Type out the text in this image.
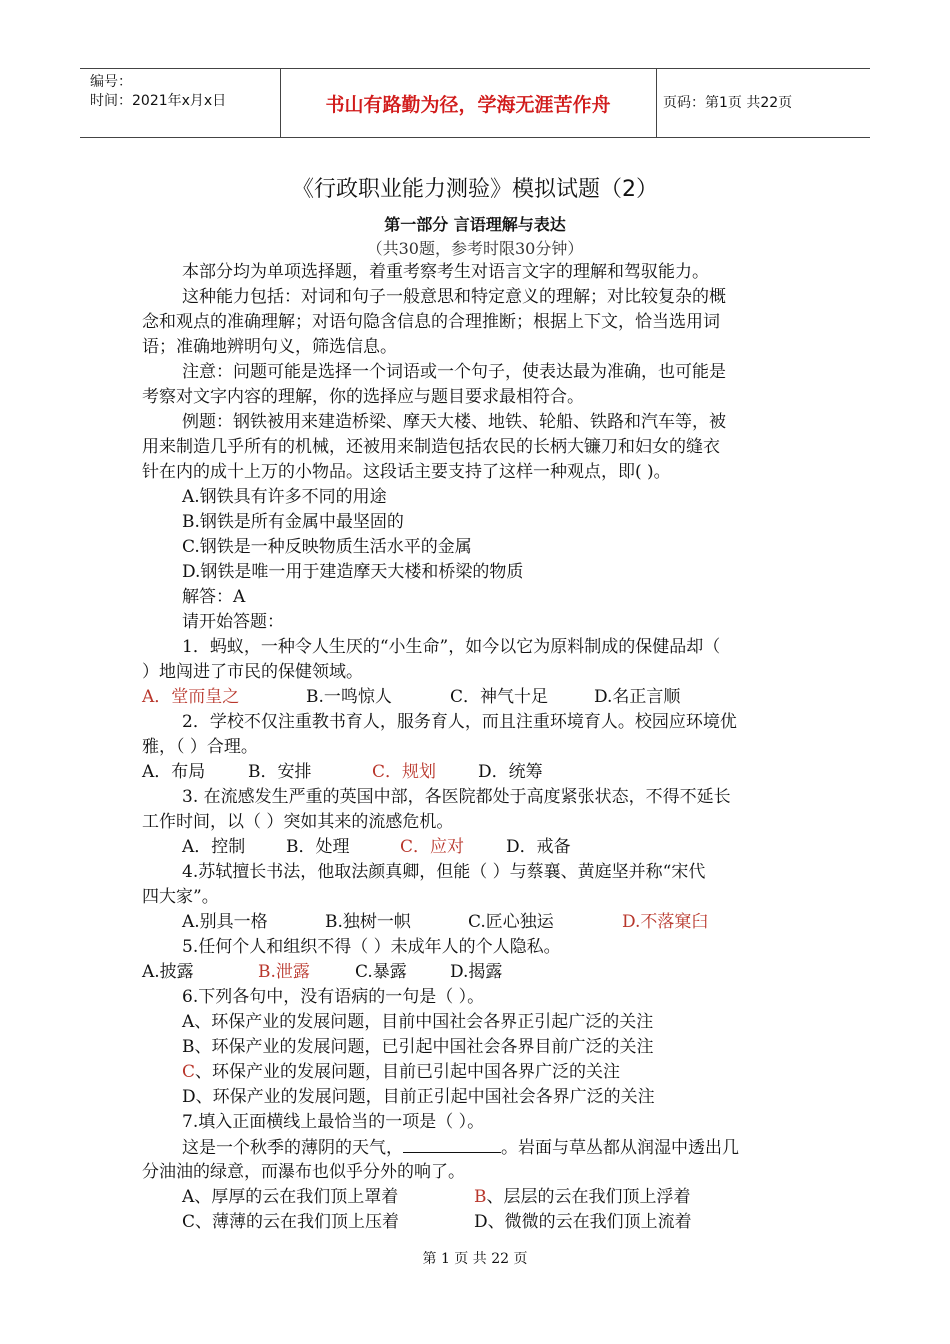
编号：
时间：2021年x月x日	书山有路勤为径，学海无涯苦作舟	页码：第1页 共22页
《行政职业能力测验》模拟试题（2）
第一部分 言语理解与表达
（共30题，参考时限30分钟）
本部分均为单项选择题，着重考察考生对语言文字的理解和驾驭能力。
这种能力包括：对词和句子一般意思和特定意义的理解；对比较复杂的概
念和观点的准确理解；对语句隐含信息的合理推断；根据上下文，恰当选用词
语；准确地辨明句义，筛选信息。
注意：问题可能是选择一个词语或一个句子，使表达最为准确，也可能是
考察对文字内容的理解，你的选择应与题目要求最相符合。
例题：钢铁被用来建造桥梁、摩天大楼、地铁、轮船、铁路和汽车等，被
用来制造几乎所有的机械，还被用来制造包括农民的长柄大镰刀和妇女的缝衣
针在内的成十上万的小物品。这段话主要支持了这样一种观点，即( )。
A.钢铁具有许多不同的用途
B.钢铁是所有金属中最坚固的
C.钢铁是一种反映物质生活水平的金属
D.钢铁是唯一用于建造摩天大楼和桥梁的物质
解答：A
请开始答题：
1．蚂蚁，一种令人生厌的“小生命”，如今以它为原料制成的保健品却（
）地闯进了市民的保健领域。
A．堂而皇之	B.一鸣惊人	C．神气十足	D.名正言顺
2．学校不仅注重教书育人，服务育人，而且注重环境育人。校园应环境优
雅，（ ）合理。
A．布局	B．安排	C．规划 D．统筹
3. 在流感发生严重的英国中部，各医院都处于高度紧张状态，不得不延长
工作时间，以（ ）突如其来的流感危机。
A．控制 B．处理	C．应对 D．戒备
4.苏轼擅长书法，他取法颜真卿，但能（ ）与蔡襄、黄庭坚并称“宋代
四大家”。
A.别具一格	B.独树一帜	C.匠心独运	D.不落窠臼
5.任何个人和组织不得（ ）未成年人的个人隐私。
A.披露	B.泄露	C.暴露	D.揭露
6.下列各句中，没有语病的一句是（ ）。
A、环保产业的发展问题，目前中国社会各界正引起广泛的关注
B、环保产业的发展问题，已引起中国社会各界目前广泛的关注
C、环保产业的发展问题，目前已引起中国各界广泛的关注
D、环保产业的发展问题，目前正引起中国社会各界广泛的关注
7.填入正面横线上最恰当的一项是（ ）。
这是一个秋季的薄阴的天气，	。岩面与草丛都从润湿中透出几
分油油的绿意，而瀑布也似乎分外的响了。
A、厚厚的云在我们顶上罩着	B、层层的云在我们顶上浮着
C、薄薄的云在我们顶上压着	D、微微的云在我们顶上流着
第 1 页 共 22 页
